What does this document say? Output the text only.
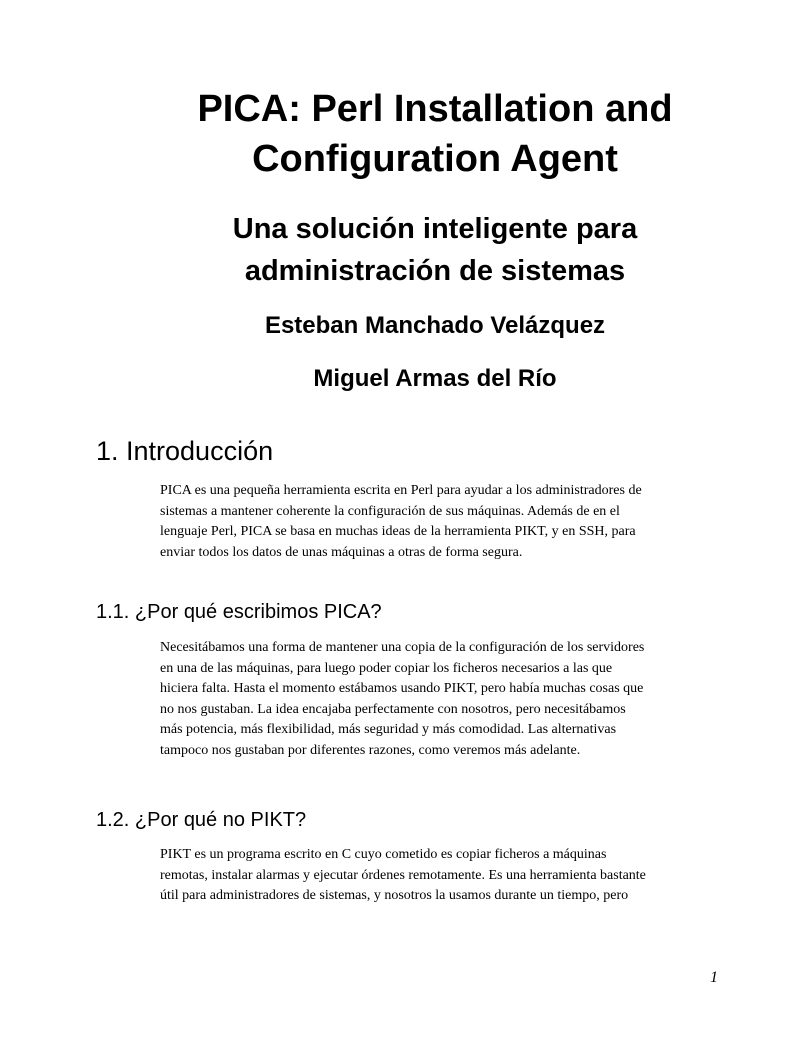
PICA: Perl Installation and
Configuration Agent
Una solución inteligente para
administración de sistemas
Esteban Manchado Velázquez
Miguel Armas del Río
1. Introducción

PICA es una pequeña herramienta escrita en Perl para ayudar a los administradores de
sistemas a mantener coherente la configuración de sus máquinas. Además de en el
lenguaje Perl, PICA se basa en muchas ideas de la herramienta PIKT, y en SSH, para
enviar todos los datos de unas máquinas a otras de forma segura.

1.1. ¿Por qué escribimos PICA?

Necesitábamos una forma de mantener una copia de la configuración de los servidores
en una de las máquinas, para luego poder copiar los ficheros necesarios a las que
hiciera falta. Hasta el momento estábamos usando PIKT, pero había muchas cosas que
no nos gustaban. La idea encajaba perfectamente con nosotros, pero necesitábamos
más potencia, más flexibilidad, más seguridad y más comodidad. Las alternativas
tampoco nos gustaban por diferentes razones, como veremos más adelante.

1.2. ¿Por qué no PIKT?

PIKT es un programa escrito en C cuyo cometido es copiar ficheros a máquinas
remotas, instalar alarmas y ejecutar órdenes remotamente. Es una herramienta bastante
útil para administradores de sistemas, y nosotros la usamos durante un tiempo, pero

1
